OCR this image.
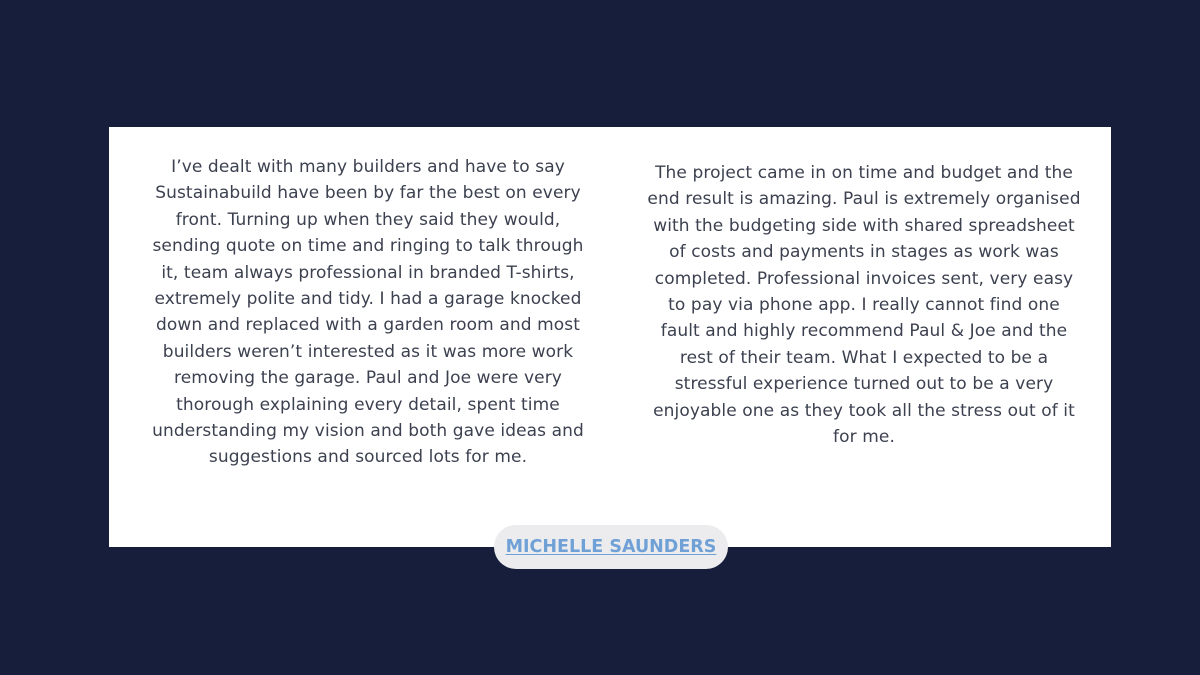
I’ve dealt with many builders and have to say Sustainabuild have been by far the best on every front. Turning up when they said they would, sending quote on time and ringing to talk through it, team always professional in branded T-shirts, extremely polite and tidy. I had a garage knocked down and replaced with a garden room and most builders weren’t interested as it was more work removing the garage. Paul and Joe were very thorough explaining every detail, spent time understanding my vision and both gave ideas and suggestions and sourced lots for me.
The project came in on time and budget and the end result is amazing. Paul is extremely organised with the budgeting side with shared spreadsheet of costs and payments in stages as work was completed. Professional invoices sent, very easy to pay via phone app. I really cannot find one fault and highly recommend Paul & Joe and the rest of their team. What I expected to be a stressful experience turned out to be a very enjoyable one as they took all the stress out of it for me.
MICHELLE SAUNDERS
